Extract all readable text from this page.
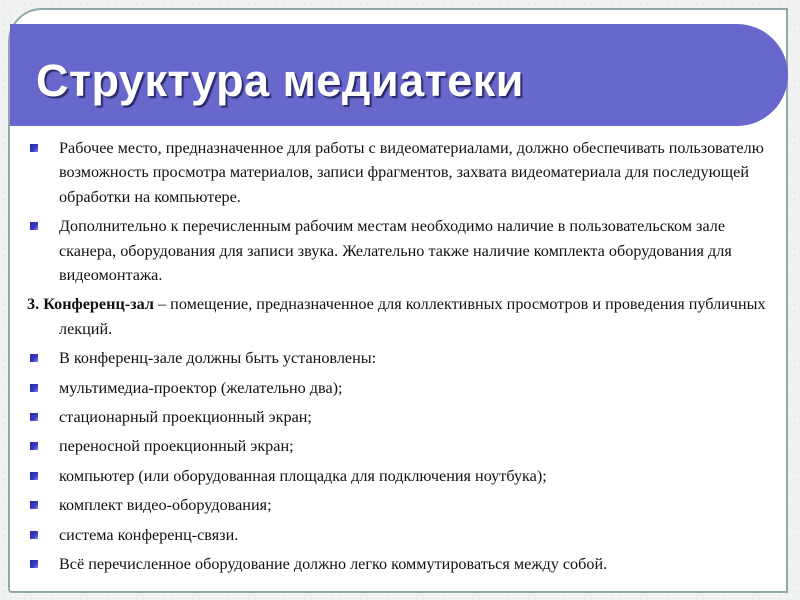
Структура медиатеки
Рабочее место, предназначенное для работы с видеоматериалами, должно обеспечивать пользователю возможность просмотра материалов, записи фрагментов, захвата видеоматериала для последующей обработки на компьютере.
Дополнительно к перечисленным рабочим местам необходимо наличие в пользовательском зале сканера, оборудования для записи звука. Желательно также наличие комплекта оборудования для видеомонтажа.
3. Конференц-зал – помещение, предназначенное для коллективных просмотров и проведения публичных лекций.
В конференц-зале должны быть установлены:
мультимедиа-проектор (желательно два);
стационарный проекционный экран;
переносной проекционный экран;
компьютер (или оборудованная площадка для подключения ноутбука);
комплект видео-оборудования;
система конференц-связи.
Всё перечисленное оборудование должно легко коммутироваться между собой.
